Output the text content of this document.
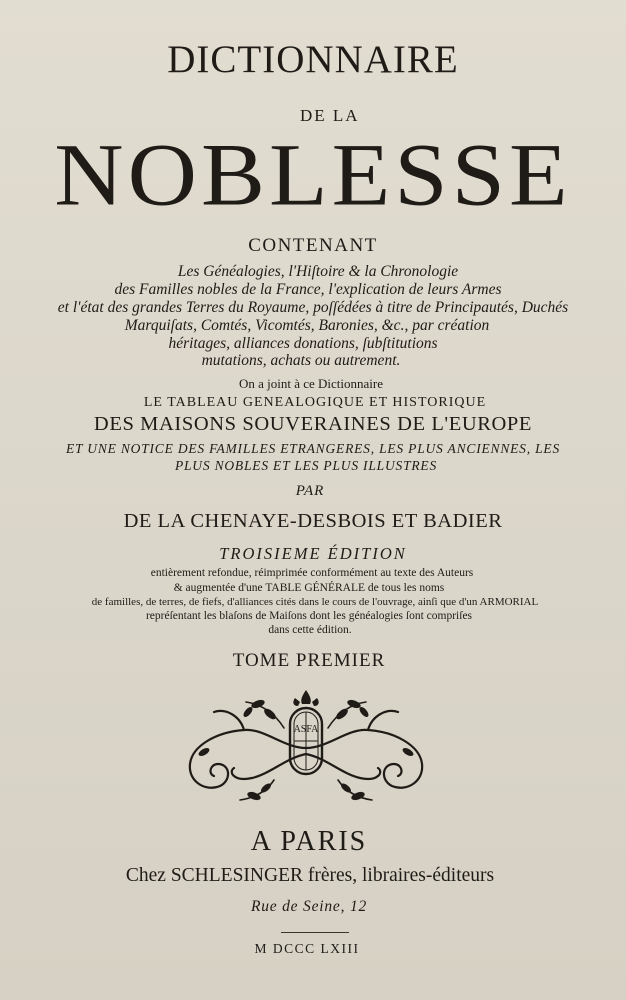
DICTIONNAIRE
DE LA
NOBLESSE
CONTENANT
Les Généalogies, l'Hiſtoire & la Chronologie
des Familles nobles de la France, l'explication de leurs Armes
et l'état des grandes Terres du Royaume, poſſédées à titre de Principautés, Duchés
Marquiſats, Comtés, Vicomtés, Baronies, &c., par création
héritages, alliances donations, ſubſtitutions
mutations, achats ou autrement.
On a joint à ce Dictionnaire
LE TABLEAU GENEALOGIQUE ET HISTORIQUE
DES MAISONS SOUVERAINES DE L'EUROPE
ET UNE NOTICE DES FAMILLES ETRANGERES, LES PLUS ANCIENNES, LES
PLUS NOBLES ET LES PLUS ILLUSTRES
PAR
DE LA CHENAYE-DESBOIS ET BADIER
TROISIEME ÉDITION
entièrement refondue, réimprimée conformément au texte des Auteurs
& augmentée d'une TABLE GÉNÉRALE de tous les noms
de familles, de terres, de fiefs, d'alliances cités dans le cours de l'ouvrage, ainſi que d'un ARMORIAL
repréſentant les blaſons de Maiſons dont les généalogies ſont compriſes
dans cette édition.
TOME PREMIER
ASFA
A PARIS
Chez SCHLESINGER frères, libraires-éditeurs
Rue de Seine, 12
M DCCC LXIII
